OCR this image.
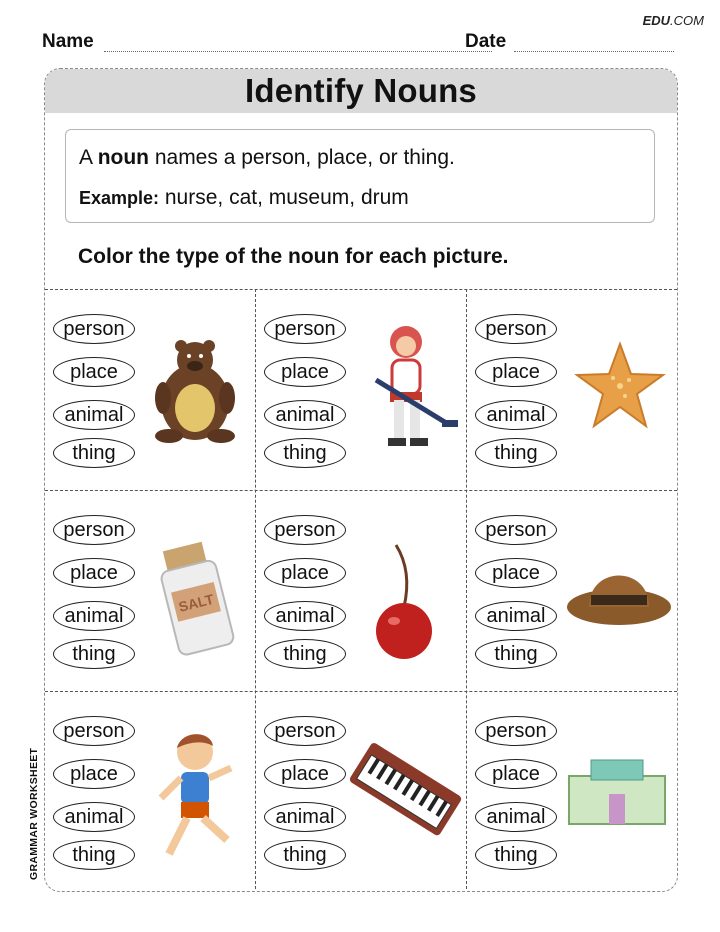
EDU.COM
Name	Date
Identify Nouns
A noun names a person, place, or thing.
Example: nurse, cat, museum, drum
Color the type of the noun for each picture.
person
place
animal
thing
person
place
animal
thing
person
place
animal
thing
person
place
animal
thing
SALT
person
place
animal
thing
person
place
animal
thing
person
place
animal
thing
person
place
animal
thing
person
place
animal
thing
GRAMMAR WORKSHEET
